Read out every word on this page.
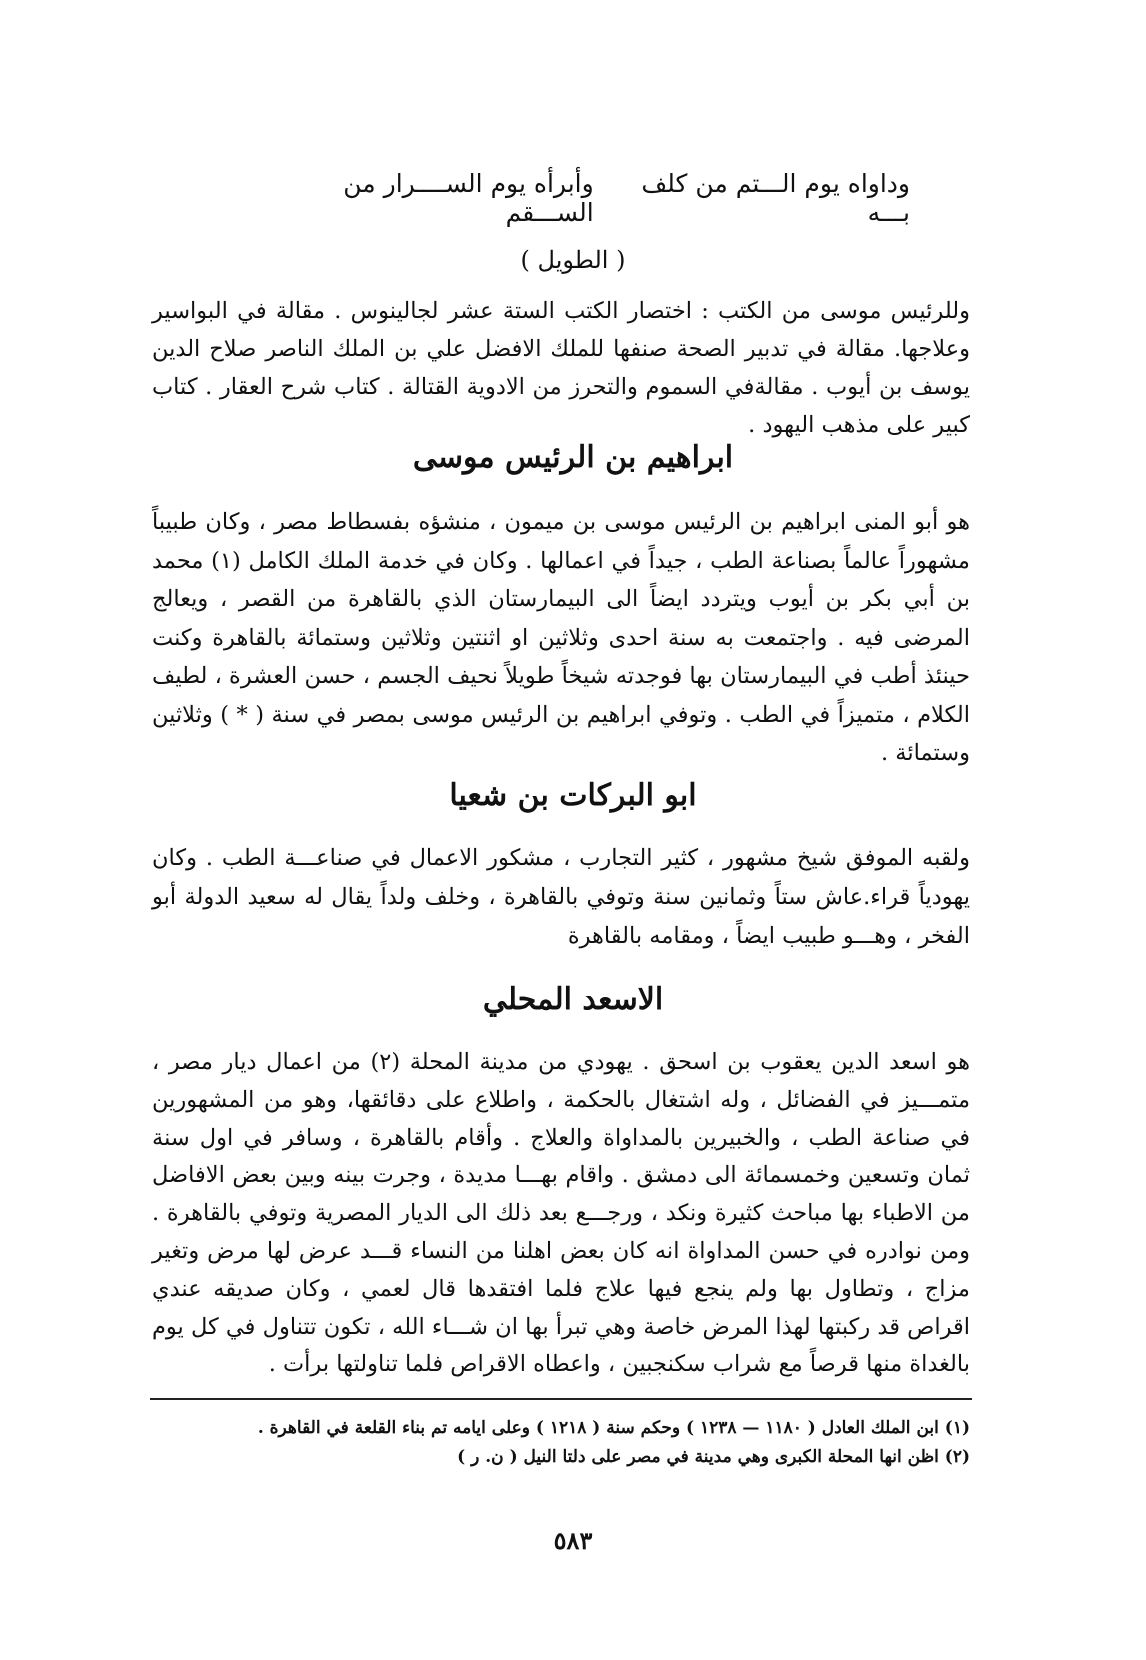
وداواه يوم الـــتم من كلف بـــه
وأبرأه يوم الســــرار من الســـقم
( الطويل )

وللرئيس موسى من الكتب : اختصار الكتب الستة عشر لجالينوس . مقالة في البواسير وعلاجها. مقالة في تدبير الصحة صنفها للملك الافضل علي بن الملك الناصر صلاح الدين يوسف بن أيوب . مقالةفي السموم والتحرز من الادوية القتالة . كتاب شرح العقار . كتاب كبير على مذهب اليهود .

ابراهيم بن الرئيس موسى

هو أبو المنى ابراهيم بن الرئيس موسى بن ميمون ، منشؤه بفسطاط مصر ، وكان طبيباً مشهوراً عالماً بصناعة الطب ، جيداً في اعمالها . وكان في خدمة الملك الكامل (١) محمد بن أبي بكر بن أيوب ويتردد ايضاً الى البيمارستان الذي بالقاهرة من القصر ، ويعالج المرضى فيه . واجتمعت به سنة احدى وثلاثين او اثنتين وثلاثين وستمائة بالقاهرة وكنت حينئذ أطب في البيمارستان بها فوجدته شيخاً طويلاً نحيف الجسم ، حسن العشرة ، لطيف الكلام ، متميزاً في الطب . وتوفي ابراهيم بن الرئيس موسى بمصر في سنة ( * ) وثلاثين وستمائة .

ابو البركات بن شعيا

ولقبه الموفق شيخ مشهور ، كثير التجارب ، مشكور الاعمال في صناعـــة الطب . وكان يهودياً قراء.عاش ستاً وثمانين سنة وتوفي بالقاهرة ، وخلف ولداً يقال له سعيد الدولة أبو الفخر ، وهـــو طبيب ايضاً ، ومقامه بالقاهرة

الاسعد المحلي

هو اسعد الدين يعقوب بن اسحق . يهودي من مدينة المحلة (٢) من اعمال ديار مصر ، متمـــيز في الفضائل ، وله اشتغال بالحكمة ، واطلاع على دقائقها، وهو من المشهورين في صناعة الطب ، والخبيرين بالمداواة والعلاج . وأقام بالقاهرة ، وسافر في اول سنة ثمان وتسعين وخمسمائة الى دمشق . واقام بهـــا مديدة ، وجرت بينه وبين بعض الافاضل من الاطباء بها مباحث كثيرة ونكد ، ورجـــع بعد ذلك الى الديار المصرية وتوفي بالقاهرة . ومن نوادره في حسن المداواة انه كان بعض اهلنا من النساء قـــد عرض لها مرض وتغير مزاج ، وتطاول بها ولم ينجع فيها علاج فلما افتقدها قال لعمي ، وكان صديقه عندي اقراص قد ركبتها لهذا المرض خاصة وهي تبرأ بها ان شـــاء الله ، تكون تتناول في كل يوم بالغداة منها قرصاً مع شراب سكنجبين ، واعطاه الاقراص فلما تناولتها برأت .

(١) ابن الملك العادل ( ١١٨٠ — ١٢٣٨ ) وحكم سنة ( ١٢١٨ ) وعلى ايامه تم بناء القلعة في القاهرة .
(٢) اظن انها المحلة الكبرى وهي مدينة في مصر على دلتا النيل ( ن. ر )
٥٨٣
